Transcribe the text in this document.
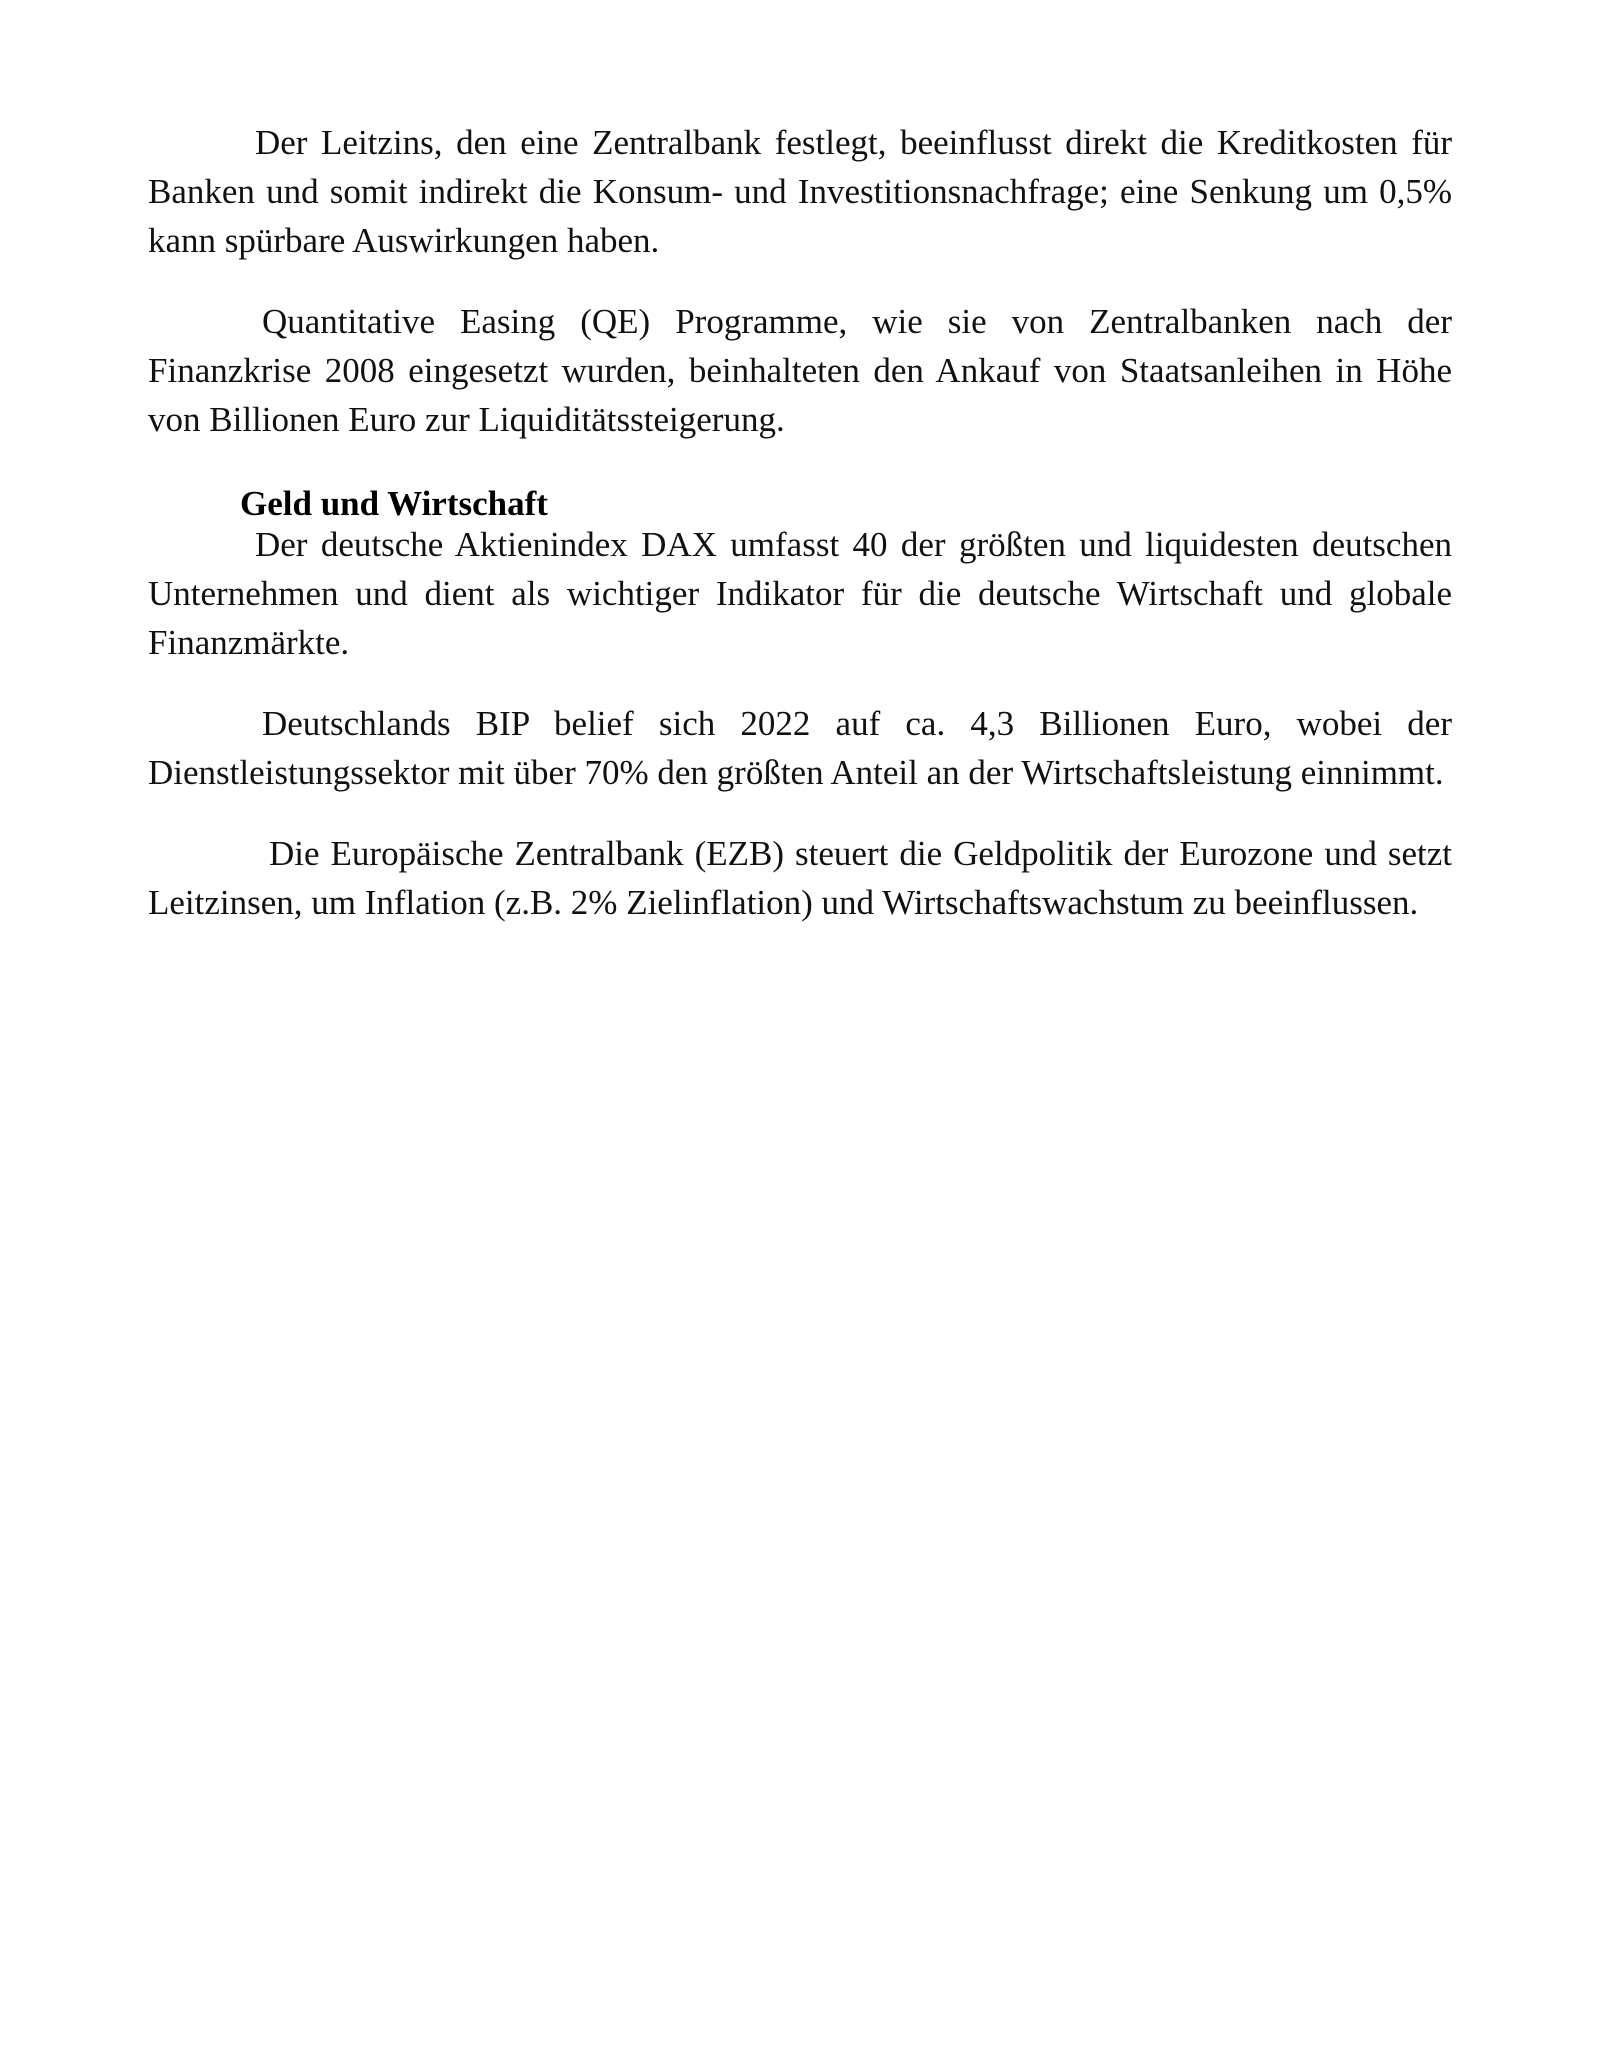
Der Leitzins, den eine Zentralbank festlegt, beeinflusst direkt die Kreditkosten für Banken und somit indirekt die Konsum- und Investitionsnachfrage; eine Senkung um 0,5% kann spürbare Auswirkungen haben.

Quantitative Easing (QE) Programme, wie sie von Zentralbanken nach der Finanzkrise 2008 eingesetzt wurden, beinhalteten den Ankauf von Staatsanleihen in Höhe von Billionen Euro zur Liquiditätssteigerung.

Geld und Wirtschaft

Der deutsche Aktienindex DAX umfasst 40 der größten und liquidesten deutschen Unternehmen und dient als wichtiger Indikator für die deutsche Wirtschaft und globale Finanzmärkte.

Deutschlands BIP belief sich 2022 auf ca. 4,3 Billionen Euro, wobei der Dienstleistungssektor mit über 70% den größten Anteil an der Wirtschaftsleistung einnimmt.

Die Europäische Zentralbank (EZB) steuert die Geldpolitik der Eurozone und setzt Leitzinsen, um Inflation (z.B. 2% Zielinflation) und Wirtschaftswachstum zu beeinflussen.
